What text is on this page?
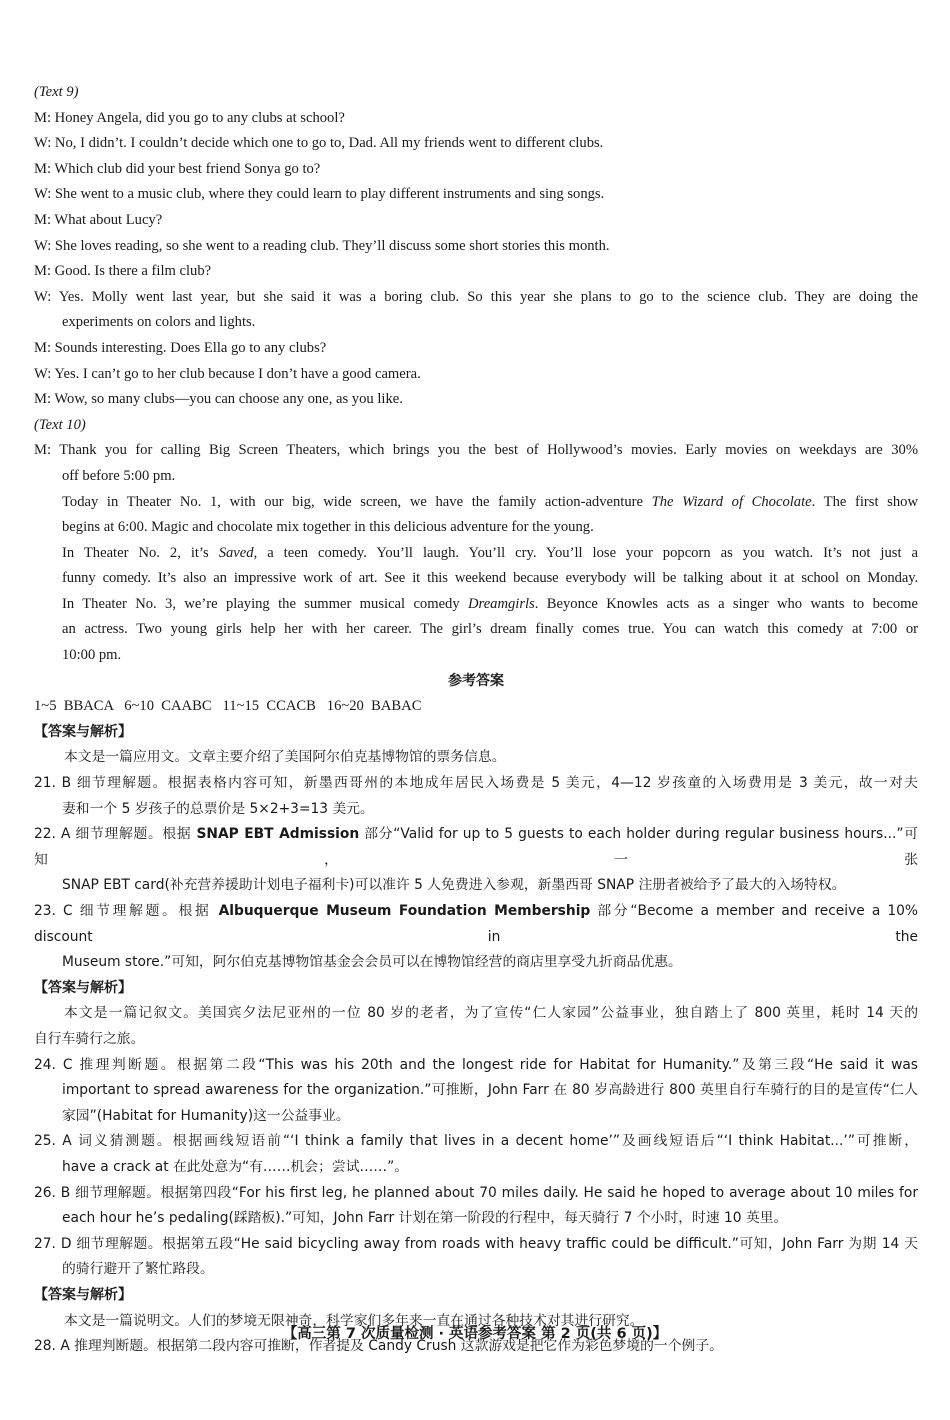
(Text 9)
M: Honey Angela, did you go to any clubs at school?
W: No, I didn’t. I couldn’t decide which one to go to, Dad. All my friends went to different clubs.
M: Which club did your best friend Sonya go to?
W: She went to a music club, where they could learn to play different instruments and sing songs.
M: What about Lucy?
W: She loves reading, so she went to a reading club. They’ll discuss some short stories this month.
M: Good. Is there a film club?
W: Yes. Molly went last year, but she said it was a boring club. So this year she plans to go to the science club. They are doing the
experiments on colors and lights.
M: Sounds interesting. Does Ella go to any clubs?
W: Yes. I can’t go to her club because I don’t have a good camera.
M: Wow, so many clubs—you can choose any one, as you like.
(Text 10)
M: Thank you for calling Big Screen Theaters, which brings you the best of Hollywood’s movies. Early movies on weekdays are 30%
off before 5:00 pm.
Today in Theater No. 1, with our big, wide screen, we have the family action-adventure The Wizard of Chocolate. The first show
begins at 6:00. Magic and chocolate mix together in this delicious adventure for the young.
In Theater No. 2, it’s Saved, a teen comedy. You’ll laugh. You’ll cry. You’ll lose your popcorn as you watch. It’s not just a
funny comedy. It’s also an impressive work of art. See it this weekend because everybody will be talking about it at school on Monday.
In Theater No. 3, we’re playing the summer musical comedy Dreamgirls. Beyonce Knowles acts as a singer who wants to become
an actress. Two young girls help her with her career. The girl’s dream finally comes true. You can watch this comedy at 7:00 or
10:00 pm.
参考答案
1~5  BBACA   6~10  CAABC   11~15  CCACB   16~20  BABAC
【答案与解析】
本文是一篇应用文。文章主要介绍了美国阿尔伯克基博物馆的票务信息。
21. B 细节理解题。根据表格内容可知，新墨西哥州的本地成年居民入场费是 5 美元，4—12 岁孩童的入场费用是 3 美元，故一对夫
妻和一个 5 岁孩子的总票价是 5×2+3=13 美元。
22. A 细节理解题。根据 SNAP EBT Admission 部分“Valid for up to 5 guests to each holder during regular business hours...”可知，一张
SNAP EBT card(补充营养援助计划电子福利卡)可以准许 5 人免费进入参观，新墨西哥 SNAP 注册者被给予了最大的入场特权。
23. C 细节理解题。根据 Albuquerque Museum Foundation Membership 部分“Become a member and receive a 10% discount in the
Museum store.”可知，阿尔伯克基博物馆基金会会员可以在博物馆经营的商店里享受九折商品优惠。
【答案与解析】
本文是一篇记叙文。美国宾夕法尼亚州的一位 80 岁的老者，为了宣传“仁人家园”公益事业，独自踏上了 800 英里，耗时 14 天的
自行车骑行之旅。
24. C 推理判断题。根据第二段“This was his 20th and the longest ride for Habitat for Humanity.”及第三段“He said it was
important to spread awareness for the organization.”可推断，John Farr 在 80 岁高龄进行 800 英里自行车骑行的目的是宣传“仁人
家园”(Habitat for Humanity)这一公益事业。
25. A 词义猜测题。根据画线短语前“‘I think a family that lives in a decent home’”及画线短语后“‘I think Habitat...’”可推断，
have a crack at 在此处意为“有……机会；尝试……”。
26. B 细节理解题。根据第四段“For his first leg, he planned about 70 miles daily. He said he hoped to average about 10 miles for
each hour he’s pedaling(踩踏板).”可知，John Farr 计划在第一阶段的行程中，每天骑行 7 个小时，时速 10 英里。
27. D 细节理解题。根据第五段“He said bicycling away from roads with heavy traffic could be difficult.”可知，John Farr 为期 14 天
的骑行避开了繁忙路段。
【答案与解析】
本文是一篇说明文。人们的梦境无限神奇，科学家们多年来一直在通过各种技术对其进行研究。
28. A 推理判断题。根据第二段内容可推断，作者提及 Candy Crush 这款游戏是把它作为彩色梦境的一个例子。
【高三第 7 次质量检测 · 英语参考答案 第 2 页(共 6 页)】
